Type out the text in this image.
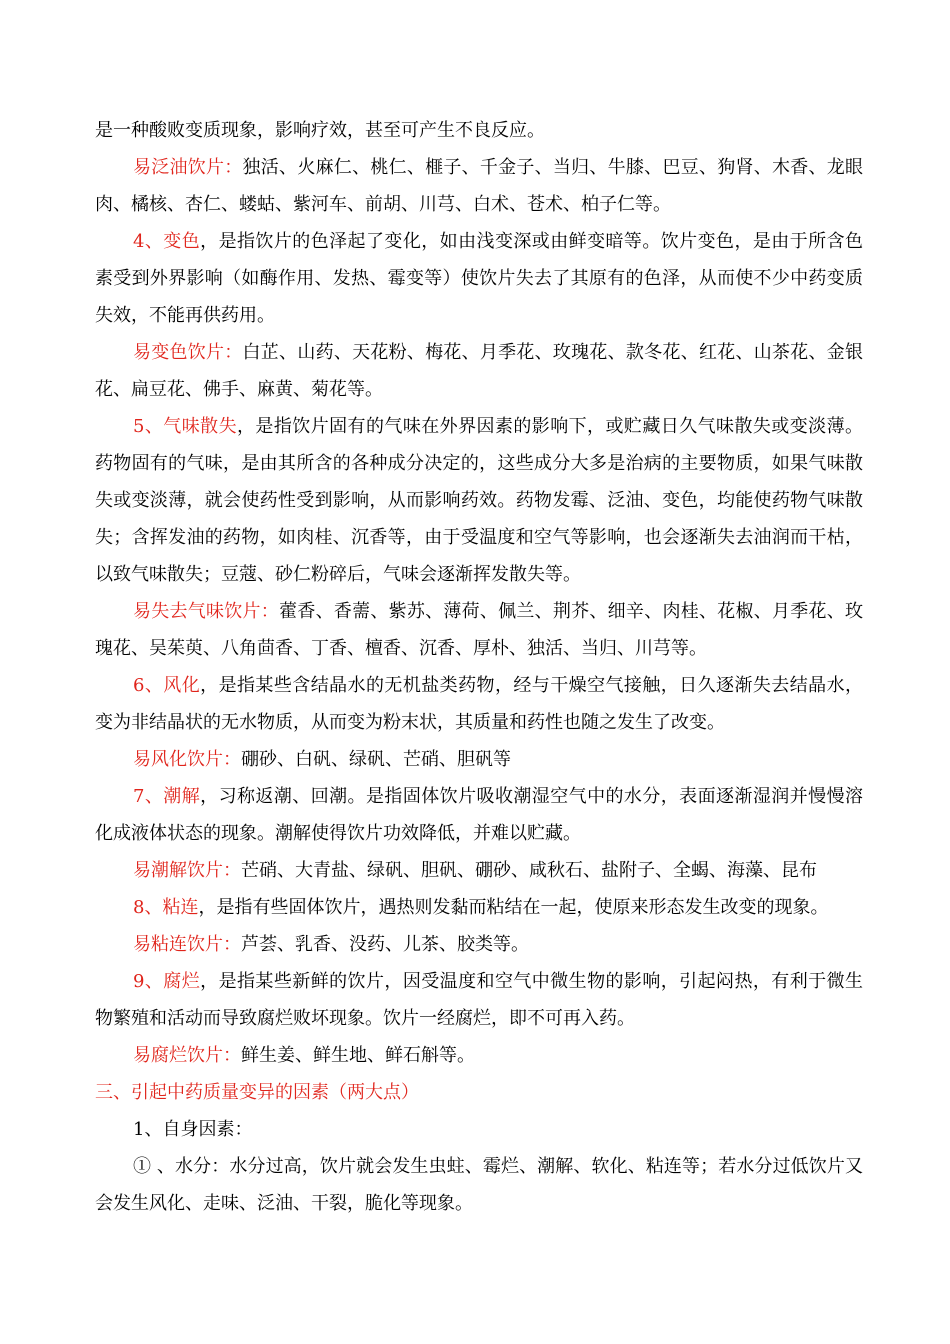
是一种酸败变质现象，影响疗效，甚至可产生不良反应。

易泛油饮片：独活、火麻仁、桃仁、榧子、千金子、当归、牛膝、巴豆、狗肾、木香、龙眼肉、橘核、杏仁、蝼蛄、紫河车、前胡、川芎、白术、苍术、柏子仁等。

4、变色，是指饮片的色泽起了变化，如由浅变深或由鲜变暗等。饮片变色，是由于所含色素受到外界影响（如酶作用、发热、霉变等）使饮片失去了其原有的色泽，从而使不少中药变质失效，不能再供药用。

易变色饮片：白芷、山药、天花粉、梅花、月季花、玫瑰花、款冬花、红花、山茶花、金银花、扁豆花、佛手、麻黄、菊花等。

5、气味散失，是指饮片固有的气味在外界因素的影响下，或贮藏日久气味散失或变淡薄。药物固有的气味，是由其所含的各种成分决定的，这些成分大多是治病的主要物质，如果气味散失或变淡薄，就会使药性受到影响，从而影响药效。药物发霉、泛油、变色，均能使药物气味散失；含挥发油的药物，如肉桂、沉香等，由于受温度和空气等影响，也会逐渐失去油润而干枯，以致气味散失；豆蔻、砂仁粉碎后，气味会逐渐挥发散失等。

易失去气味饮片：藿香、香薷、紫苏、薄荷、佩兰、荆芥、细辛、肉桂、花椒、月季花、玫瑰花、吴茱萸、八角茴香、丁香、檀香、沉香、厚朴、独活、当归、川芎等。

6、风化，是指某些含结晶水的无机盐类药物，经与干燥空气接触，日久逐渐失去结晶水，变为非结晶状的无水物质，从而变为粉末状，其质量和药性也随之发生了改变。

易风化饮片：硼砂、白矾、绿矾、芒硝、胆矾等

7、潮解，习称返潮、回潮。是指固体饮片吸收潮湿空气中的水分，表面逐渐湿润并慢慢溶化成液体状态的现象。潮解使得饮片功效降低，并难以贮藏。

易潮解饮片：芒硝、大青盐、绿矾、胆矾、硼砂、咸秋石、盐附子、全蝎、海藻、昆布

8、粘连，是指有些固体饮片，遇热则发黏而粘结在一起，使原来形态发生改变的现象。

易粘连饮片：芦荟、乳香、没药、儿茶、胶类等。

9、腐烂，是指某些新鲜的饮片，因受温度和空气中微生物的影响，引起闷热，有利于微生物繁殖和活动而导致腐烂败坏现象。饮片一经腐烂，即不可再入药。

易腐烂饮片：鲜生姜、鲜生地、鲜石斛等。

三、引起中药质量变异的因素（两大点）

1、自身因素：

① 、水分：水分过高，饮片就会发生虫蛀、霉烂、潮解、软化、粘连等；若水分过低饮片又会发生风化、走味、泛油、干裂，脆化等现象。
